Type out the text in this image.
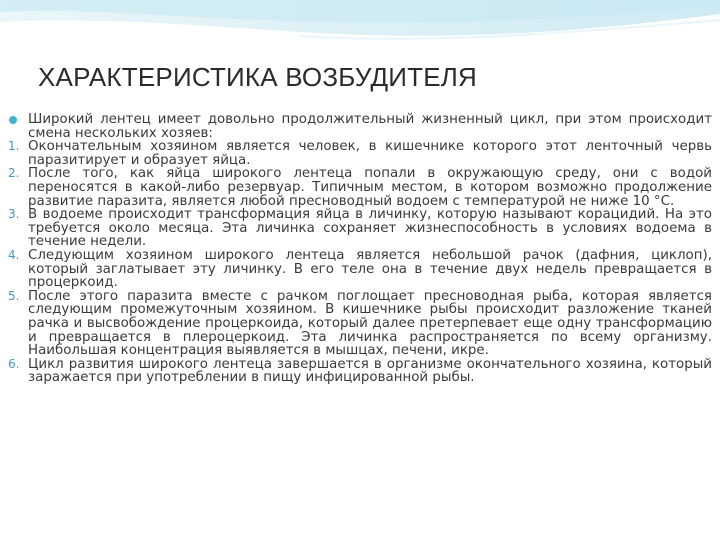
ХАРАКТЕРИСТИКА ВОЗБУДИТЕЛЯ
Широкий лентец имеет довольно продолжительный жизненный цикл, при этом происходит смена нескольких хозяев:
1. Окончательным хозяином является человек, в кишечнике которого этот ленточный червь паразитирует и образует яйца.
2. После того, как яйца широкого лентеца попали в окружающую среду, они с водой переносятся в какой-либо резервуар. Типичным местом, в котором возможно продолжение развитие паразита, является любой пресноводный водоем с температурой не ниже 10 °С.
3. В водоеме происходит трансформация яйца в личинку, которую называют корацидий. На это требуется около месяца. Эта личинка сохраняет жизнеспособность в условиях водоема в течение недели.
4. Следующим хозяином широкого лентеца является небольшой рачок (дафния, циклоп), который заглатывает эту личинку. В его теле она в течение двух недель превращается в процеркоид.
5. После этого паразита вместе с рачком поглощает пресноводная рыба, которая является следующим промежуточным хозяином. В кишечнике рыбы происходит разложение тканей рачка и высвобождение процеркоида, который далее претерпевает еще одну трансформацию и превращается в плероцеркоид. Эта личинка распространяется по всему организму. Наибольшая концентрация выявляется в мышцах, печени, икре.
6. Цикл развития широкого лентеца завершается в организме окончательного хозяина, который заражается при употреблении в пищу инфицированной рыбы.
